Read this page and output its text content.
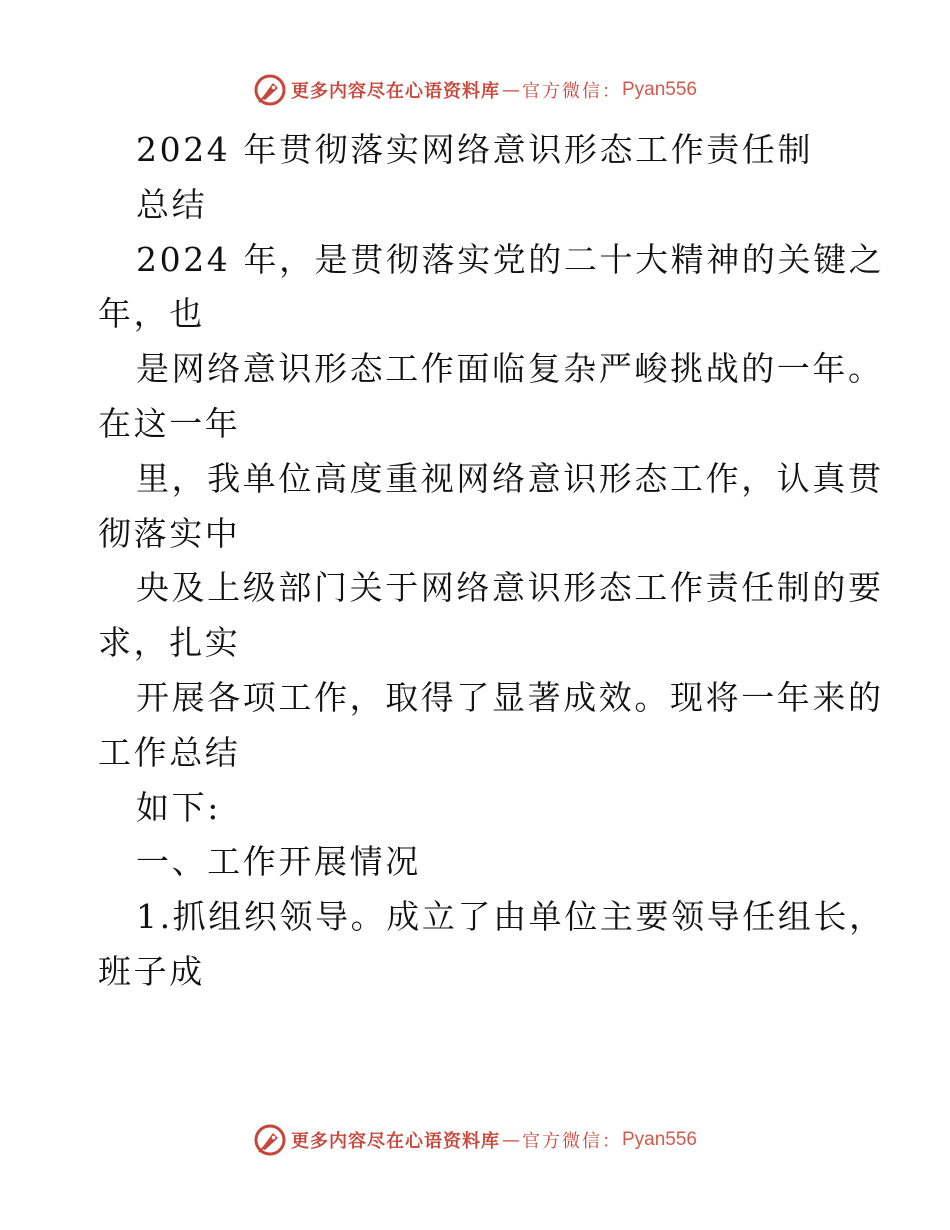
更多内容尽在心语资料库 — 官方微信： Pyan556
2024 年贯彻落实网络意识形态工作责任制
总结
2024 年，是贯彻落实党的二十大精神的关键之
年，也
是网络意识形态工作面临复杂严峻挑战的一年。
在这一年
里，我单位高度重视网络意识形态工作，认真贯
彻落实中
央及上级部门关于网络意识形态工作责任制的要
求，扎实
开展各项工作，取得了显著成效。现将一年来的
工作总结
如下:
一、工作开展情况
1.抓组织领导。成立了由单位主要领导任组长，
班子成
更多内容尽在心语资料库 — 官方微信： Pyan556
